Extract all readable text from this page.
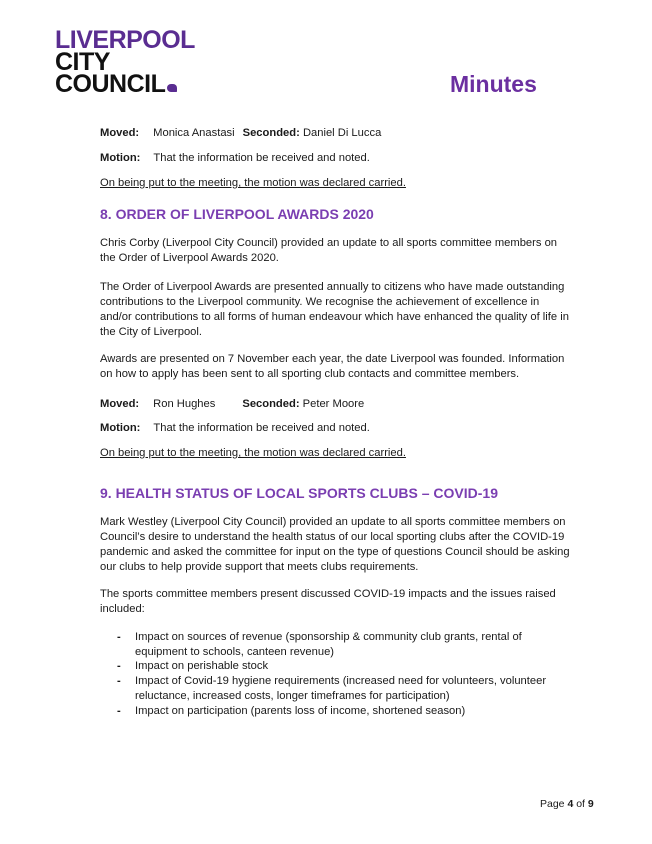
LIVERPOOL
CITY
COUNCIL	Minutes

Moved: Monica Anastasi Seconded: Daniel Di Lucca

Motion: That the information be received and noted.

On being put to the meeting, the motion was declared carried.

8. ORDER OF LIVERPOOL AWARDS 2020

Chris Corby (Liverpool City Council) provided an update to all sports committee members on the Order of Liverpool Awards 2020.

The Order of Liverpool Awards are presented annually to citizens who have made outstanding contributions to the Liverpool community. We recognise the achievement of excellence in and/or contributions to all forms of human endeavour which have enhanced the quality of life in the City of Liverpool.

Awards are presented on 7 November each year, the date Liverpool was founded. Information on how to apply has been sent to all sporting club contacts and committee members.

Moved: Ron Hughes Seconded: Peter Moore

Motion: That the information be received and noted.

On being put to the meeting, the motion was declared carried.

9. HEALTH STATUS OF LOCAL SPORTS CLUBS – COVID-19

Mark Westley (Liverpool City Council) provided an update to all sports committee members on Council’s desire to understand the health status of our local sporting clubs after the COVID-19 pandemic and asked the committee for input on the type of questions Council should be asking our clubs to help provide support that meets clubs requirements.

The sports committee members present discussed COVID-19 impacts and the issues raised included:

- Impact on sources of revenue (sponsorship & community club grants, rental of equipment to schools, canteen revenue)
- Impact on perishable stock
- Impact of Covid-19 hygiene requirements (increased need for volunteers, volunteer reluctance, increased costs, longer timeframes for participation)
- Impact on participation (parents loss of income, shortened season)
Page 4 of 9
